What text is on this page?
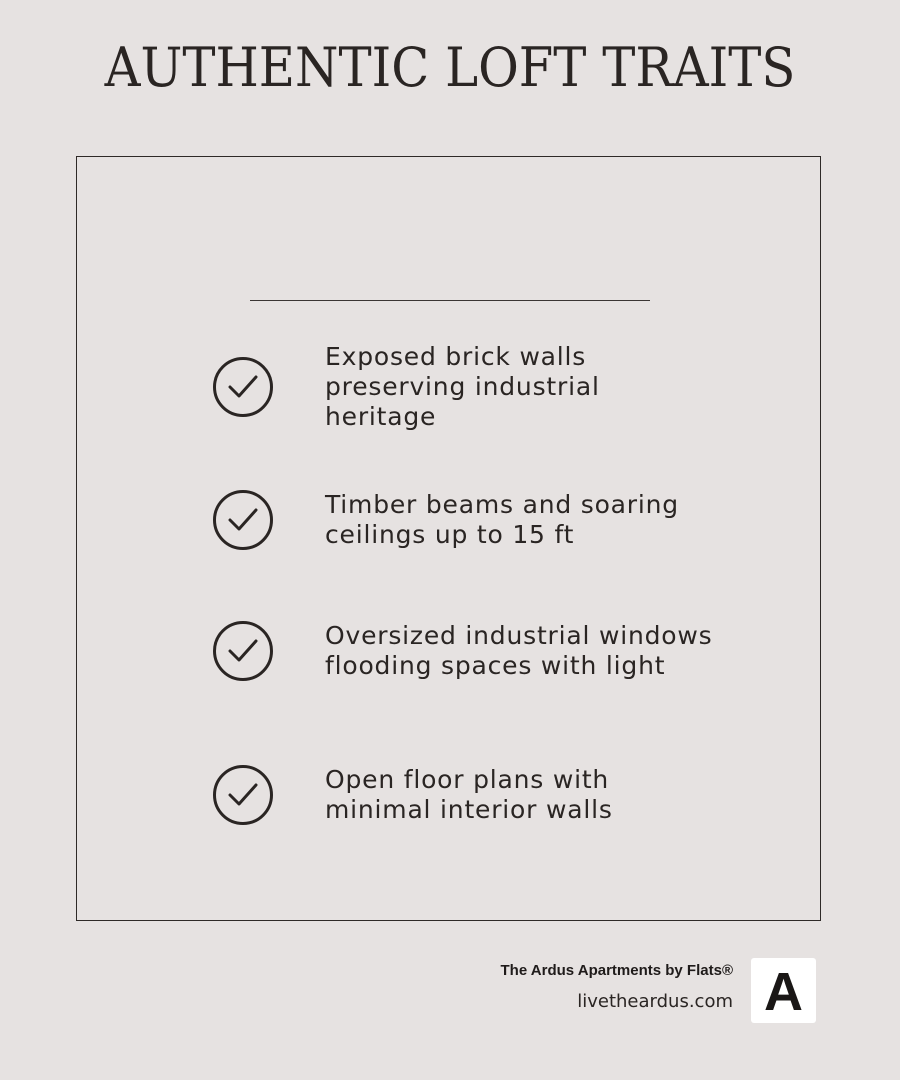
AUTHENTIC LOFT TRAITS
Exposed brick walls
preserving industrial
heritage
Timber beams and soaring
ceilings up to 15 ft
Oversized industrial windows
flooding spaces with light
Open floor plans with
minimal interior walls
The Ardus Apartments by Flats®
livetheardus.com A
